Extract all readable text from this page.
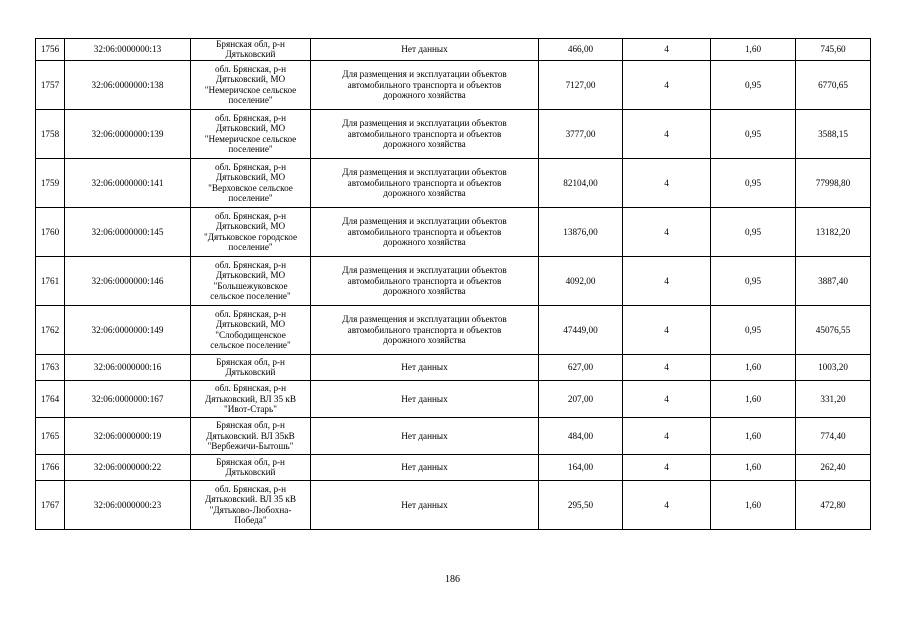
1756	32:06:0000000:13	Брянская обл, р-н
Дятьковский	Нет данных	466,00	4	1,60	745,60
1757	32:06:0000000:138	обл. Брянская, р-н
Дятьковский, МО
"Немеричское сельское
поселение"	Для размещения и эксплуатации объектов
автомобильного транспорта и объектов
дорожного хозяйства	7127,00	4	0,95	6770,65
1758	32:06:0000000:139	обл. Брянская, р-н
Дятьковский, МО
"Немеричское сельское
поселение"	Для размещения и эксплуатации объектов
автомобильного транспорта и объектов
дорожного хозяйства	3777,00	4	0,95	3588,15
1759	32:06:0000000:141	обл. Брянская, р-н
Дятьковский, МО
"Верховское сельское
поселение"	Для размещения и эксплуатации объектов
автомобильного транспорта и объектов
дорожного хозяйства	82104,00	4	0,95	77998,80
1760	32:06:0000000:145	обл. Брянская, р-н
Дятьковский, МО
"Дятьковское городское
поселение"	Для размещения и эксплуатации объектов
автомобильного транспорта и объектов
дорожного хозяйства	13876,00	4	0,95	13182,20
1761	32:06:0000000:146	обл. Брянская, р-н
Дятьковский, МО
"Большежуковское
сельское поселение"	Для размещения и эксплуатации объектов
автомобильного транспорта и объектов
дорожного хозяйства	4092,00	4	0,95	3887,40
1762	32:06:0000000:149	обл. Брянская, р-н
Дятьковский, МО
"Слободищенское
сельское поселение"	Для размещения и эксплуатации объектов
автомобильного транспорта и объектов
дорожного хозяйства	47449,00	4	0,95	45076,55
1763	32:06:0000000:16	Брянская обл, р-н
Дятьковский	Нет данных	627,00	4	1,60	1003,20
1764	32:06:0000000:167	обл. Брянская, р-н
Дятьковский, ВЛ 35 кВ
"Ивот-Старь"	Нет данных	207,00	4	1,60	331,20
1765	32:06:0000000:19	Брянская обл, р-н
Дятьковский. ВЛ 35кВ
"Вербежичи-Бытошь"	Нет данных	484,00	4	1,60	774,40
1766	32:06:0000000:22	Брянская обл, р-н
Дятьковский	Нет данных	164,00	4	1,60	262,40
1767	32:06:0000000:23	обл. Брянская, р-н
Дятьковский. ВЛ 35 кВ
"Дятьково-Любохна-
Победа"	Нет данных	295,50	4	1,60	472,80
186
